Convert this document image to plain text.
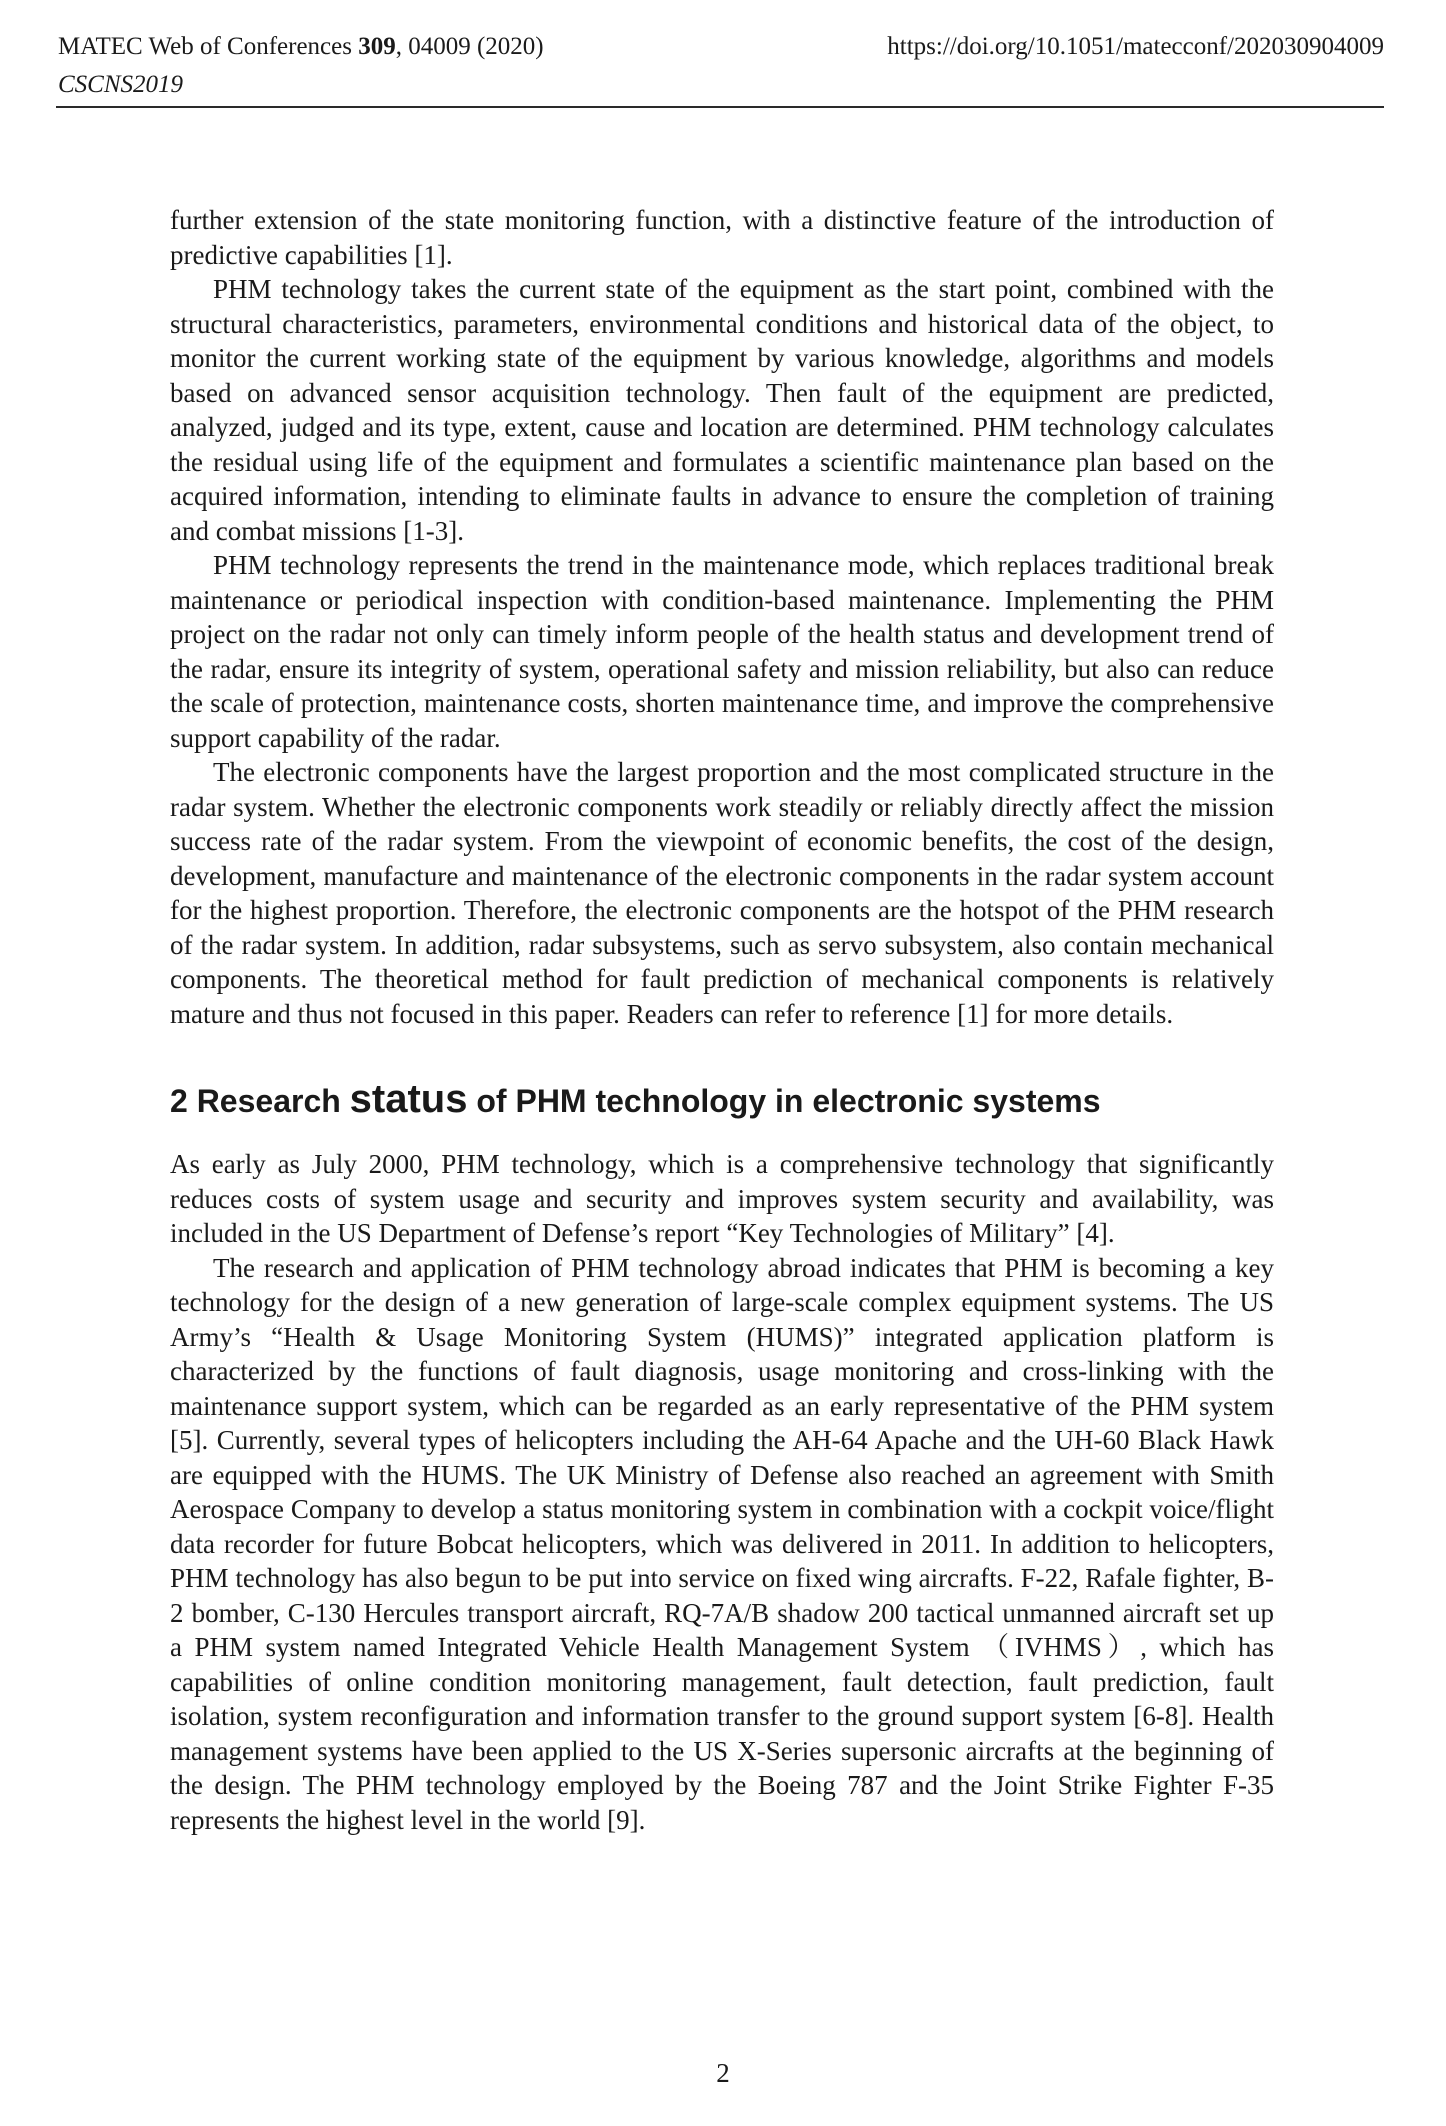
MATEC Web of Conferences 309, 04009 (2020)
CSCNS2019
https://doi.org/10.1051/matecconf/202030904009

further extension of the state monitoring function, with a distinctive feature of the introduction of predictive capabilities [1].

PHM technology takes the current state of the equipment as the start point, combined with the structural characteristics, parameters, environmental conditions and historical data of the object, to monitor the current working state of the equipment by various knowledge, algorithms and models based on advanced sensor acquisition technology. Then fault of the equipment are predicted, analyzed, judged and its type, extent, cause and location are determined. PHM technology calculates the residual using life of the equipment and formulates a scientific maintenance plan based on the acquired information, intending to eliminate faults in advance to ensure the completion of training and combat missions [1-3].

PHM technology represents the trend in the maintenance mode, which replaces traditional break maintenance or periodical inspection with condition-based maintenance. Implementing the PHM project on the radar not only can timely inform people of the health status and development trend of the radar, ensure its integrity of system, operational safety and mission reliability, but also can reduce the scale of protection, maintenance costs, shorten maintenance time, and improve the comprehensive support capability of the radar.

The electronic components have the largest proportion and the most complicated structure in the radar system. Whether the electronic components work steadily or reliably directly affect the mission success rate of the radar system. From the viewpoint of economic benefits, the cost of the design, development, manufacture and maintenance of the electronic components in the radar system account for the highest proportion. Therefore, the electronic components are the hotspot of the PHM research of the radar system. In addition, radar subsystems, such as servo subsystem, also contain mechanical components. The theoretical method for fault prediction of mechanical components is relatively mature and thus not focused in this paper. Readers can refer to reference [1] for more details.

2 Research status of PHM technology in electronic systems

As early as July 2000, PHM technology, which is a comprehensive technology that significantly reduces costs of system usage and security and improves system security and availability, was included in the US Department of Defense’s report “Key Technologies of Military” [4].

The research and application of PHM technology abroad indicates that PHM is becoming a key technology for the design of a new generation of large-scale complex equipment systems. The US Army’s “Health & Usage Monitoring System (HUMS)” integrated application platform is characterized by the functions of fault diagnosis, usage monitoring and cross-linking with the maintenance support system, which can be regarded as an early representative of the PHM system [5]. Currently, several types of helicopters including the AH-64 Apache and the UH-60 Black Hawk are equipped with the HUMS. The UK Ministry of Defense also reached an agreement with Smith Aerospace Company to develop a status monitoring system in combination with a cockpit voice/flight data recorder for future Bobcat helicopters, which was delivered in 2011. In addition to helicopters, PHM technology has also begun to be put into service on fixed wing aircrafts. F-22, Rafale fighter, B-2 bomber, C-130 Hercules transport aircraft, RQ-7A/B shadow 200 tactical unmanned aircraft set up a PHM system named Integrated Vehicle Health Management System （IVHMS）, which has capabilities of online condition monitoring management, fault detection, fault prediction, fault isolation, system reconfiguration and information transfer to the ground support system [6-8]. Health management systems have been applied to the US X-Series supersonic aircrafts at the beginning of the design. The PHM technology employed by the Boeing 787 and the Joint Strike Fighter F-35 represents the highest level in the world [9].

2
